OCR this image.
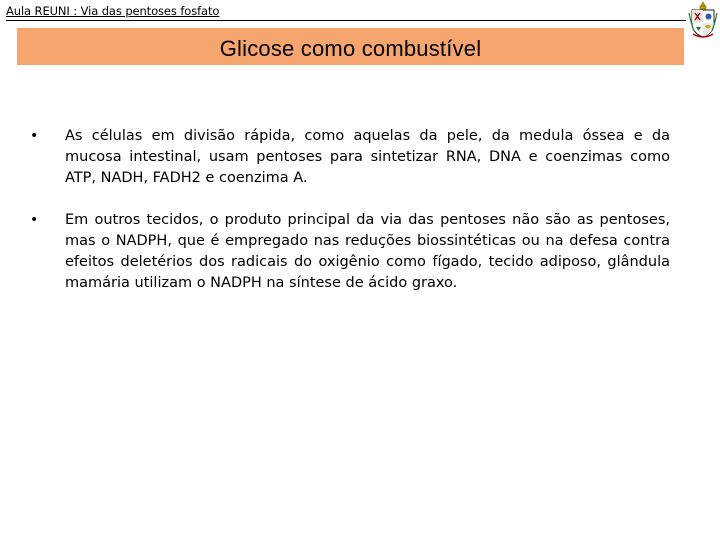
Aula REUNI : Via das pentoses fosfato
Glicose como combustível
• As células em divisão rápida, como aquelas da pele, da medula óssea e da mucosa intestinal, usam pentoses para sintetizar RNA, DNA e coenzimas como ATP, NADH, FADH2 e coenzima A.
• Em outros tecidos, o produto principal da via das pentoses não são as pentoses, mas o NADPH, que é empregado nas reduções biossintéticas ou na defesa contra efeitos deletérios dos radicais do oxigênio como fígado, tecido adiposo, glândula mamária utilizam o NADPH na síntese de ácido graxo.
